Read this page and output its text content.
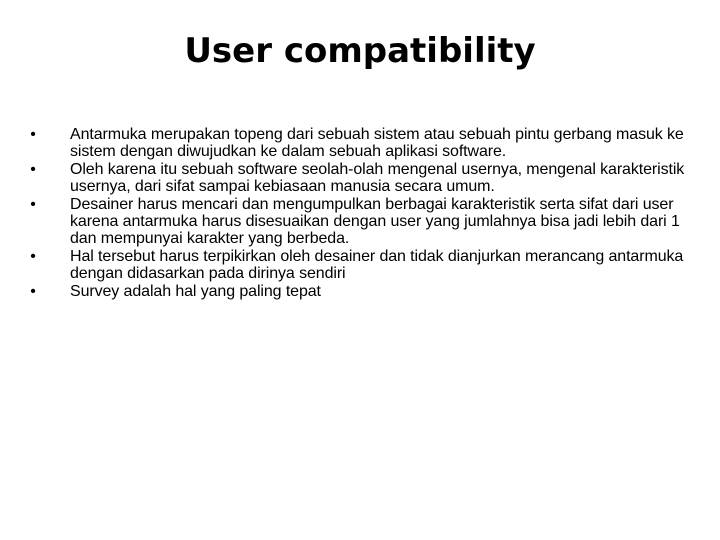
User compatibility
• Antarmuka merupakan topeng dari sebuah sistem atau sebuah pintu gerbang masuk ke sistem dengan diwujudkan ke dalam sebuah aplikasi software.
• Oleh karena itu sebuah software seolah-olah mengenal usernya, mengenal karakteristik usernya, dari sifat sampai kebiasaan manusia secara umum.
• Desainer harus mencari dan mengumpulkan berbagai karakteristik serta sifat dari user karena antarmuka harus disesuaikan dengan user yang jumlahnya bisa jadi lebih dari 1 dan mempunyai karakter yang berbeda.
• Hal tersebut harus terpikirkan oleh desainer dan tidak dianjurkan merancang antarmuka dengan didasarkan pada dirinya sendiri
• Survey adalah hal yang paling tepat
